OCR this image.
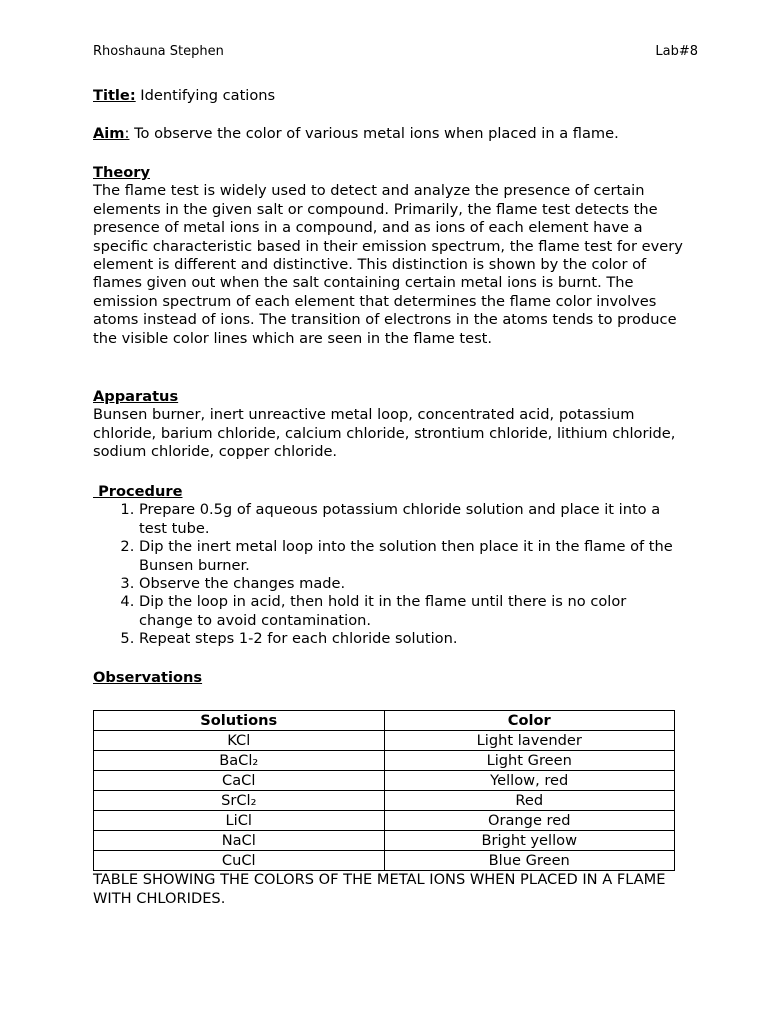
Rhoshauna Stephen	Lab#8
Title: Identifying cations
Aim: To observe the color of various metal ions when placed in a flame.
Theory
The flame test is widely used to detect and analyze the presence of certain elements in the given salt or compound. Primarily, the flame test detects the presence of metal ions in a compound, and as ions of each element have a specific characteristic based in their emission spectrum, the flame test for every element is different and distinctive. This distinction is shown by the color of flames given out when the salt containing certain metal ions is burnt. The emission spectrum of each element that determines the flame color involves atoms instead of ions. The transition of electrons in the atoms tends to produce the visible color lines which are seen in the flame test.
Apparatus
Bunsen burner, inert unreactive metal loop, concentrated acid, potassium chloride, barium chloride, calcium chloride, strontium chloride, lithium chloride, sodium chloride, copper chloride.
Procedure
1. Prepare 0.5g of aqueous potassium chloride solution and place it into a test tube.
2. Dip the inert metal loop into the solution then place it in the flame of the Bunsen burner.
3. Observe the changes made.
4. Dip the loop in acid, then hold it in the flame until there is no color change to avoid contamination.
5. Repeat steps 1-2 for each chloride solution.
Observations
Solutions	Color
KCl	Light lavender
BaCl₂	Light Green
CaCl	Yellow, red
SrCl₂	Red
LiCl	Orange red
NaCl	Bright yellow
CuCl	Blue Green
TABLE SHOWING THE COLORS OF THE METAL IONS WHEN PLACED IN A FLAME WITH CHLORIDES.
